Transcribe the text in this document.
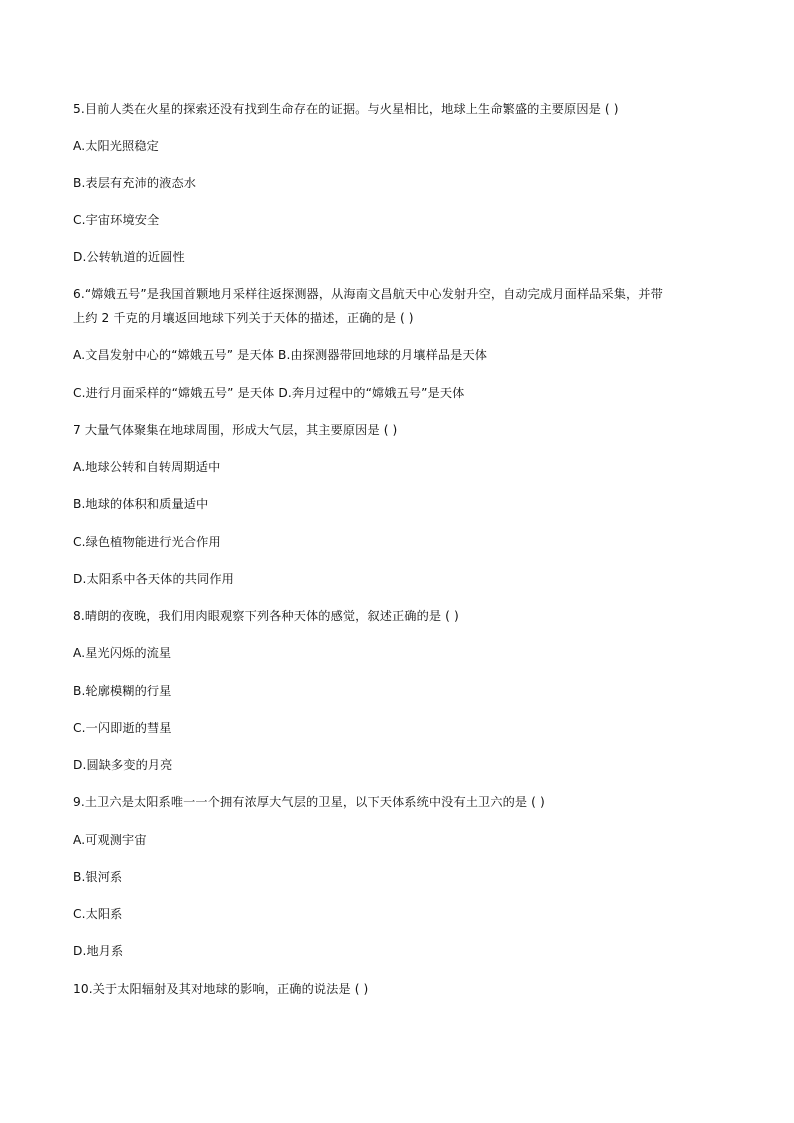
5.目前人类在火星的探索还没有找到生命存在的证据。与火星相比，地球上生命繁盛的主要原因是 ( )
A.太阳光照稳定
B.表层有充沛的液态水
C.宇宙环境安全
D.公转轨道的近圆性
6.“嫦娥五号”是我国首颗地月采样往返探测器，从海南文昌航天中心发射升空，自动完成月面样品采集，并带
上约 2 千克的月壤返回地球下列关于天体的描述，正确的是 ( )
A.文昌发射中心的“嫦娥五号” 是天体 B.由探测器带回地球的月壤样品是天体
C.进行月面采样的“嫦娥五号” 是天体 D.奔月过程中的“嫦娥五号”是天体
7 大量气体聚集在地球周围，形成大气层，其主要原因是 ( )
A.地球公转和自转周期适中
B.地球的体积和质量适中
C.绿色植物能进行光合作用
D.太阳系中各天体的共同作用
8.晴朗的夜晚，我们用肉眼观察下列各种天体的感觉，叙述正确的是 ( )
A.星光闪烁的流星
B.轮廓模糊的行星
C.一闪即逝的彗星
D.圆缺多变的月亮
9.土卫六是太阳系唯一一个拥有浓厚大气层的卫星，以下天体系统中没有土卫六的是 ( )
A.可观测宇宙
B.银河系
C.太阳系
D.地月系
10.关于太阳辐射及其对地球的影响，正确的说法是 ( )
